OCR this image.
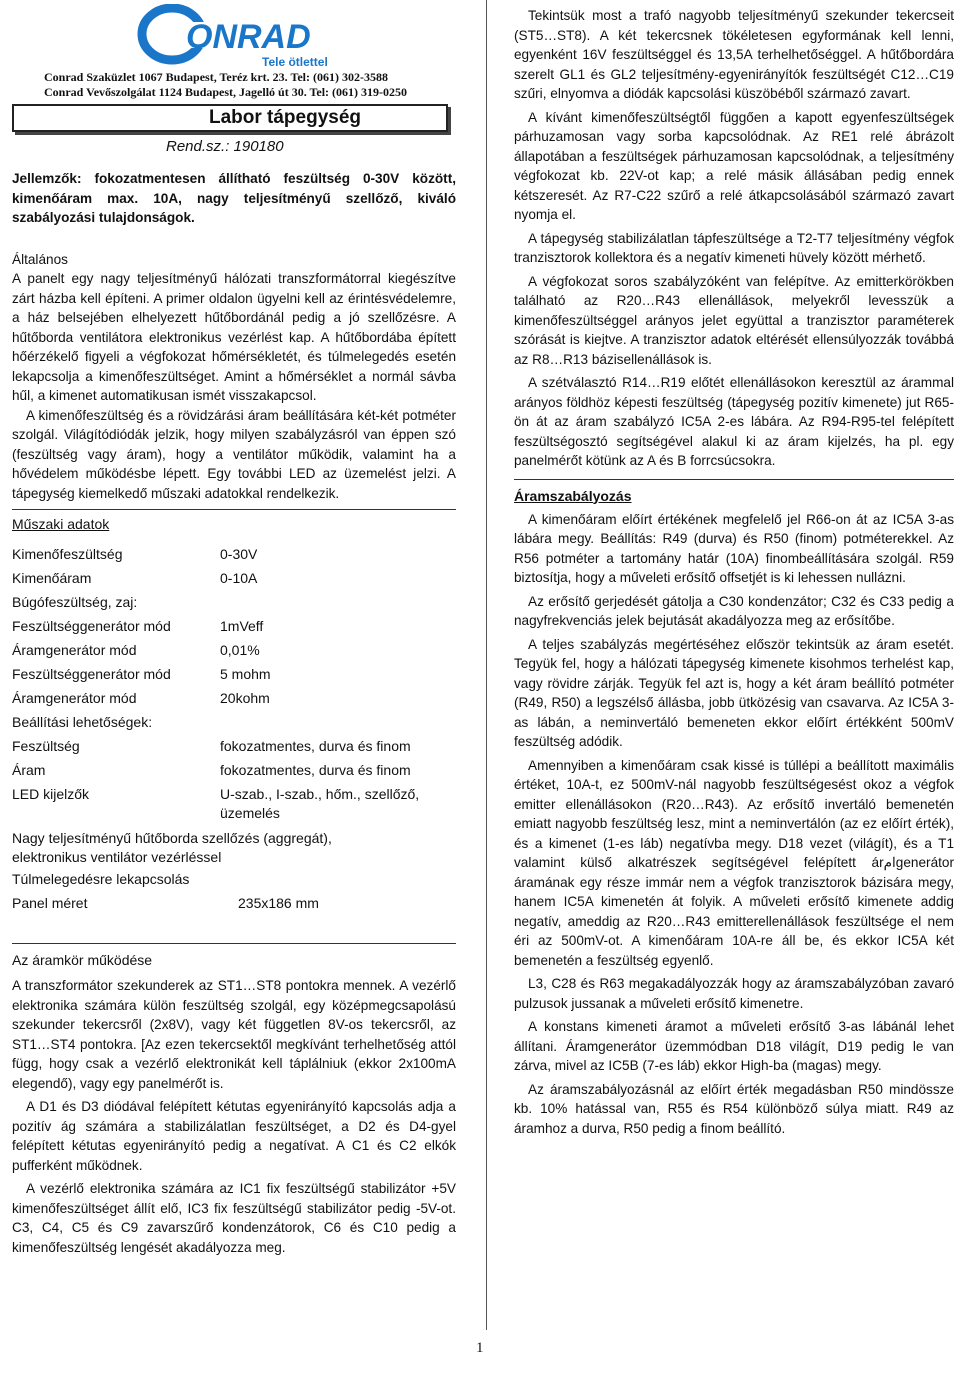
ONRAD
Tele ötlettel
Conrad Szaküzlet 1067 Budapest, Teréz krt. 23. Tel: (061) 302-3588
Conrad Vevőszolgálat 1124 Budapest, Jagelló út 30. Tel: (061) 319-0250
Labor tápegység
Rend.sz.: 190180

Jellemzők: fokozatmentesen állítható feszültség 0-30V között, kimenőáram max. 10A, nagy teljesítményű szellőző, kiváló szabályozási tulajdonságok.

Általános

A panelt egy nagy teljesítményű hálózati transzformátorral kiegészítve zárt házba kell építeni. A primer oldalon ügyelni kell az érintésvédelemre, a ház belsejében elhelyezett hűtőbordánál pedig a jó szellőzésre. A hűtőborda ventilátora elektronikus vezérlést kap. A hűtőbordába épített hőérzékelő figyeli a végfokozat hőmérsékletét, és túlmelegedés esetén lekapcsolja a kimenőfeszültséget. Amint a hőmérséklet a normál sávba hűl, a kimenet automatikusan ismét visszakapcsol.

A kimenőfeszültség és a rövidzárási áram beállítására két-két potméter szolgál. Világítódiódák jelzik, hogy milyen szabályzásról van éppen szó (feszültség vagy áram), hogy a ventilátor működik, valamint ha a hővédelem működésbe lépett. Egy további LED az üzemelést jelzi. A tápegység kiemelkedő műszaki adatokkal rendelkezik.

Műszaki adatok

Kimenőfeszültség	0-30V
Kimenőáram	0-10A
Búgófeszültség, zaj:
Feszültséggenerátor mód	1mVeff
Áramgenerátor mód	0,01%
Feszültséggenerátor mód	5 mohm
Áramgenerátor mód	20kohm
Beállítási lehetőségek:
Feszültség	fokozatmentes, durva és finom
Áram	fokozatmentes, durva és finom
LED kijelzők	U-szab., I-szab., hőm., szellőző, üzemelés
Nagy teljesítményű hűtőborda szellőzés (aggregát), elektronikus ventilátor vezérléssel
Túlmelegedésre lekapcsolás
Panel méret	235x186 mm

Az áramkör működése

A transzformátor szekunderek az ST1…ST8 pontokra mennek. A vezérlő elektronika számára külön feszültség szolgál, egy középmegcsapolású szekunder tekercsről (2x8V), vagy két független 8V-os tekercsről, az ST1…ST4 pontokra. [Az ezen tekercsektől megkívánt terhelhetőség attól függ, hogy csak a vezérlő elektronikát kell táplálniuk (ekkor 2x100mA elegendő), vagy egy panelmérőt is.

A D1 és D3 diódával felépített kétutas egyenirányító kapcsolás adja a pozitív ág számára a stabilizálatlan feszültséget, a D2 és D4-gyel felépített kétutas egyenirányító pedig a negatívat. A C1 és C2 elkók pufferként működnek.

A vezérlő elektronika számára az IC1 fix feszültségű stabilizátor +5V kimenőfeszültséget állít elő, IC3 fix feszültségű stabilizátor pedig -5V-ot. C3, C4, C5 és C9 zavarszűrő kondenzátorok, C6 és C10 pedig a kimenőfeszültség lengését akadályozza meg.

Tekintsük most a trafó nagyobb teljesítményű szekunder tekercseit (ST5…ST8). A két tekercsnek tökéletesen egyformának kell lenni, egyenként 16V feszültséggel és 13,5A terhelhetőséggel. A hűtőbordára szerelt GL1 és GL2 teljesítmény-egyenirányítók feszültségét C12…C19 szűri, elnyomva a diódák kapcsolási küszöbéből származó zavart.

A kívánt kimenőfeszültségtől függően a kapott egyenfeszültségek párhuzamosan vagy sorba kapcsolódnak. Az RE1 relé ábrázolt állapotában a feszültségek párhuzamosan kapcsolódnak, a teljesítmény végfokozat kb. 22V-ot kap; a relé másik állásában pedig ennek kétszeresét. Az R7-C22 szűrő a relé átkapcsolásából származó zavart nyomja el.

A tápegység stabilizálatlan tápfeszültsége a T2-T7 teljesítmény végfok tranzisztorok kollektora és a negatív kimeneti hüvely között mérhető.

A végfokozat soros szabályzóként van felépítve. Az emitterkörökben található az R20…R43 ellenállások, melyekről levesszük a kimenőfeszültséggel arányos jelet együttal a tranzisztor paraméterek szórását is kiejtve. A tranzisztor adatok eltérését ellensúlyozzák továbbá az R8…R13 bázisellenállások is.

A szétválasztó R14…R19 előtét ellenállásokon keresztül az árammal arányos földhöz képesti feszültség (tápegység pozitív kimenete) jut R65-ön át az áram szabályzó IC5A 2-es lábára. Az R94-R95-tel felépített feszültségosztó segítségével alakul ki az áram kijelzés, ha pl. egy panelmérőt kötünk az A és B forrcsúcsokra.

Áramszabályozás

A kimenőáram előírt értékének megfelelő jel R66-on át az IC5A 3-as lábára megy. Beállítás: R49 (durva) és R50 (finom) potméterekkel. Az R56 potméter a tartomány határ (10A) finombeállítására szolgál. R59 biztosítja, hogy a műveleti erősítő offsetjét is ki lehessen nullázni.

Az erősítő gerjedését gátolja a C30 kondenzátor; C32 és C33 pedig a nagyfrekvenciás jelek bejutását akadályozza meg az erősítőbe.

A teljes szabályzás megértéséhez először tekintsük az áram esetét. Tegyük fel, hogy a hálózati tápegység kimenete kisohmos terhelést kap, vagy rövidre zárják. Tegyük fel azt is, hogy a két áram beállító potméter (R49, R50) a legszélső állásba, jobb ütközésig van csavarva. Az IC5A 3-as lábán, a neminvertáló bemeneten ekkor előírt értékként 500mV feszültség adódik.

Amennyiben a kimenőáram csak kissé is túllépi a beállított maximális értéket, 10A-t, ez 500mV-nál nagyobb feszültségesést okoz a végfok emitter ellenállásokon (R20…R43). Az erősítő invertáló bemenetén emiatt nagyobb feszültség lesz, mint a neminvertálón (az ez előírt érték), és a kimenet (1-es láb) negatívba megy. D18 vezet (világít), és a T1 valamint külső alkatrészek segítségével felépített árامgenerátor áramának egy része immár nem a végfok tranzisztorok bázisára megy, hanem IC5A kimenetén át folyik. A műveleti erősítő kimenete addig negatív, ameddig az R20…R43 emitterellenállások feszültsége el nem éri az 500mV-ot. A kimenőáram 10A-re áll be, és ekkor IC5A két bemenetén a feszültség egyenlő.

L3, C28 és R63 megakadályozzák hogy az áramszabályzóban zavaró pulzusok jussanak a műveleti erősítő kimenetre.

A konstans kimeneti áramot a műveleti erősítő 3-as lábánál lehet állítani. Áramgenerátor üzemmódban D18 világít, D19 pedig le van zárva, mivel az IC5B (7-es láb) ekkor High-ba (magas) megy.

Az áramszabályozásnál az előírt érték megadásban R50 mindössze kb. 10% hatással van, R55 és R54 különböző súlya miatt. R49 az áramhoz a durva, R50 pedig a finom beállító.

1
